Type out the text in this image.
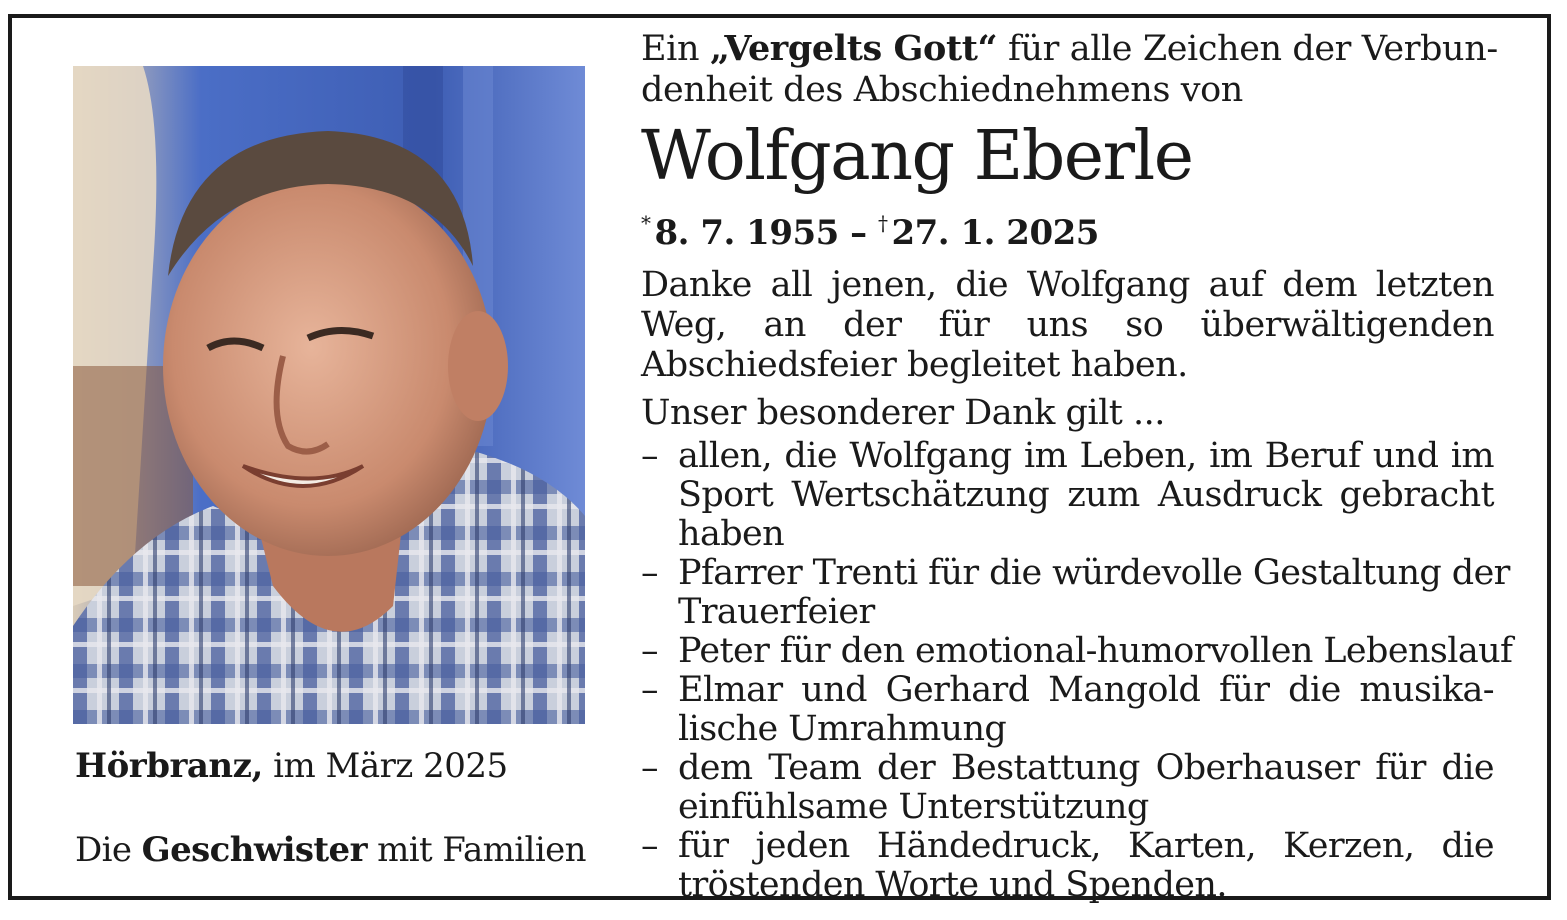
Hörbranz, im März 2025
Die Geschwister mit Familien

Ein „Vergelts Gott“ für alle Zeichen der Verbun-
denheit des Abschiednehmens von

Wolfgang Eberle

* 8. 7. 1955 – † 27. 1. 2025

Danke all jenen, die Wolfgang auf dem letzten
Weg, an der für uns so überwältigenden
Abschiedsfeier begleitet haben.

Unser besonderer Dank gilt ...

– allen, die Wolfgang im Leben, im Beruf und im
Sport Wertschätzung zum Ausdruck gebracht
haben
– Pfarrer Trenti für die würdevolle Gestaltung der
Trauerfeier
– Peter für den emotional-humorvollen Lebenslauf
– Elmar und Gerhard Mangold für die musika-
lische Umrahmung
– dem Team der Bestattung Oberhauser für die
einfühlsame Unterstützung
– für jeden Händedruck, Karten, Kerzen, die
tröstenden Worte und Spenden.
